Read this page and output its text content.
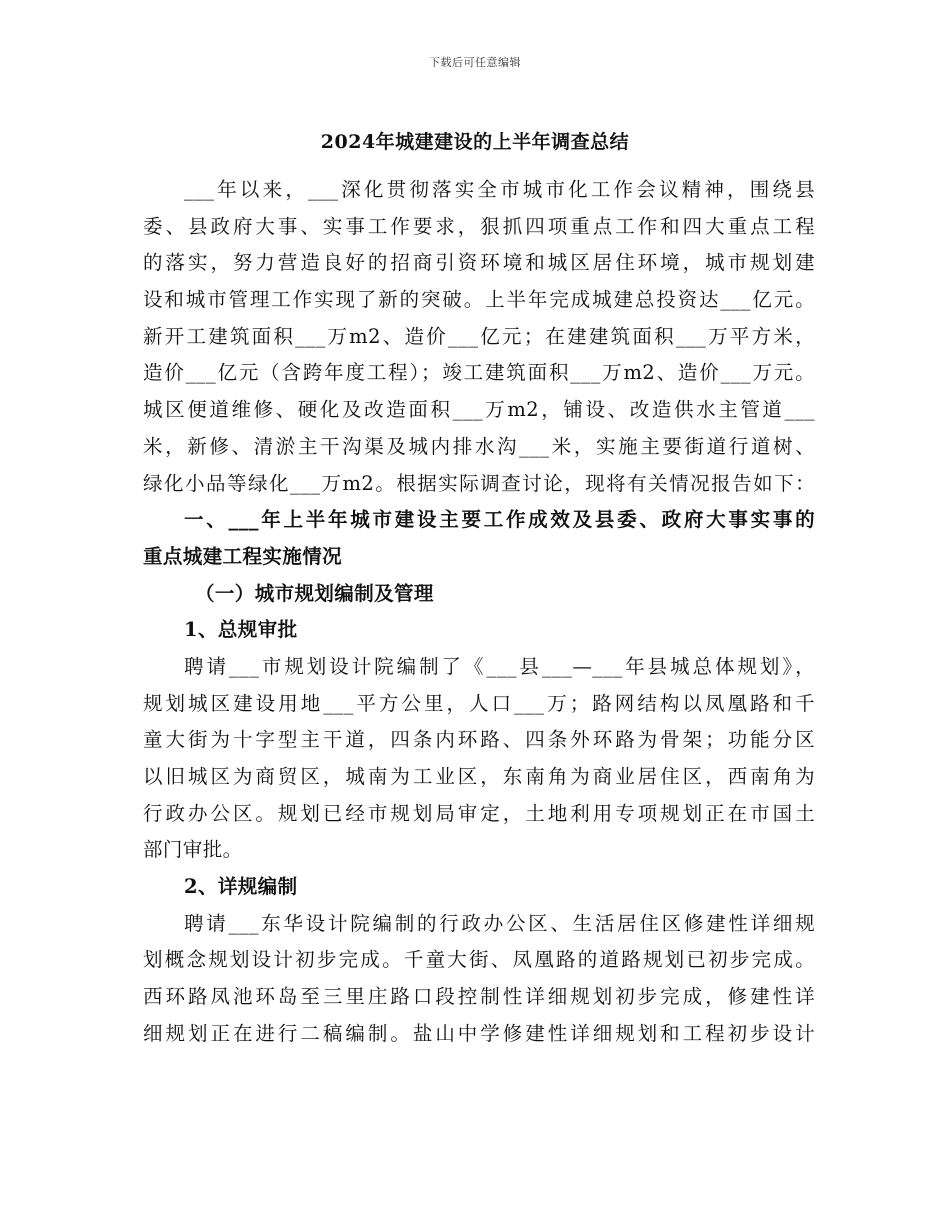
下载后可任意编辑
2024年城建建设的上半年调查总结
___年以来，___深化贯彻落实全市城市化工作会议精神，围绕县
委、县政府大事、实事工作要求，狠抓四项重点工作和四大重点工程
的落实，努力营造良好的招商引资环境和城区居住环境，城市规划建
设和城市管理工作实现了新的突破。上半年完成城建总投资达___亿元。
新开工建筑面积___万m2、造价___亿元；在建建筑面积___万平方米，
造价___亿元（含跨年度工程）；竣工建筑面积___万m2、造价___万元。
城区便道维修、硬化及改造面积___万m2，铺设、改造供水主管道___
米，新修、清淤主干沟渠及城内排水沟___米，实施主要街道行道树、
绿化小品等绿化___万m2。根据实际调查讨论，现将有关情况报告如下：
一、___年上半年城市建设主要工作成效及县委、政府大事实事的
重点城建工程实施情况
（一）城市规划编制及管理
1、总规审批
聘请___市规划设计院编制了《___县___—___年县城总体规划》，
规划城区建设用地___平方公里，人口___万；路网结构以凤凰路和千
童大街为十字型主干道，四条内环路、四条外环路为骨架；功能分区
以旧城区为商贸区，城南为工业区，东南角为商业居住区，西南角为
行政办公区。规划已经市规划局审定，土地利用专项规划正在市国土
部门审批。
2、详规编制
聘请___东华设计院编制的行政办公区、生活居住区修建性详细规
划概念规划设计初步完成。千童大街、凤凰路的道路规划已初步完成。
西环路凤池环岛至三里庄路口段控制性详细规划初步完成，修建性详
细规划正在进行二稿编制。盐山中学修建性详细规划和工程初步设计
